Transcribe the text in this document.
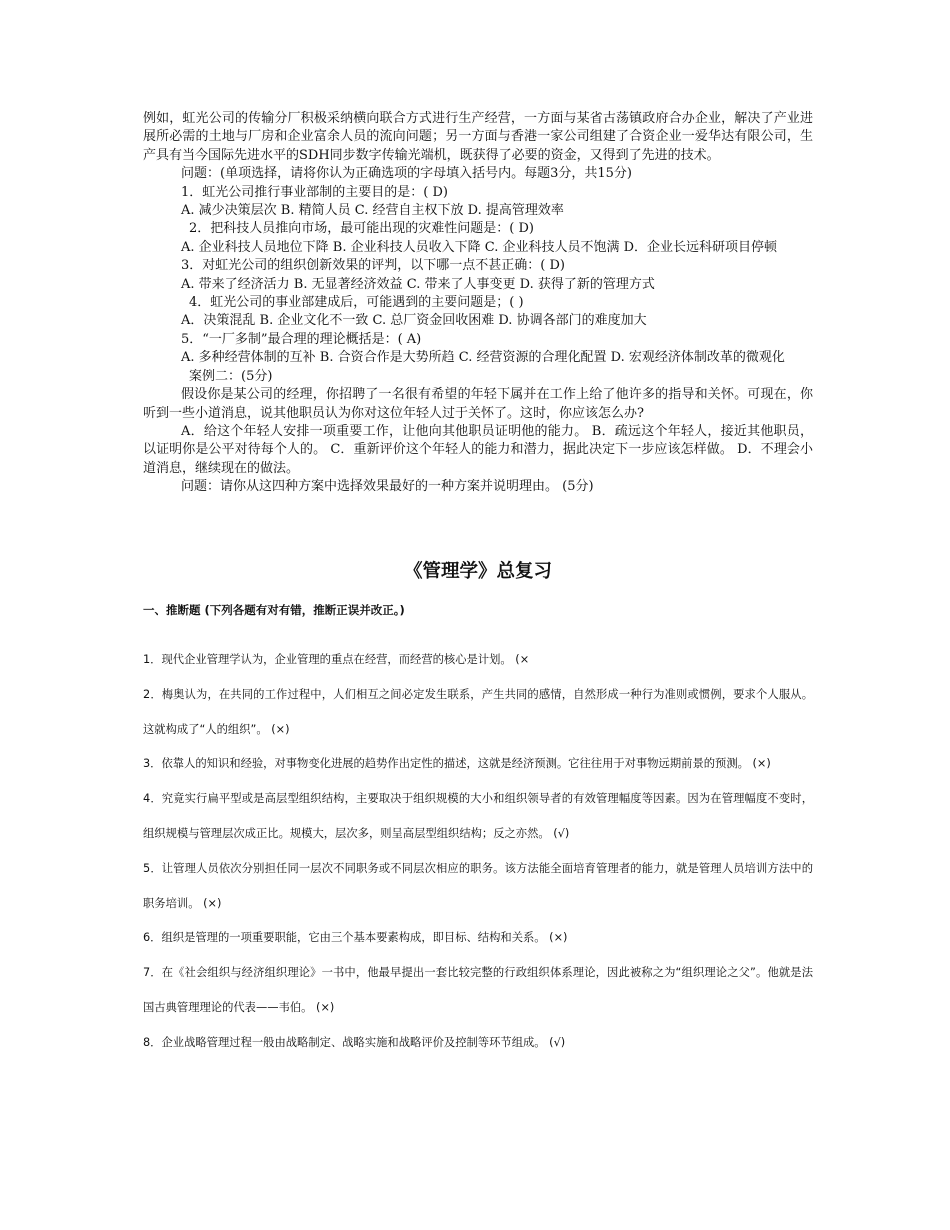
例如，虹光公司的传输分厂积极采纳横向联合方式进行生产经营，一方面与某省古荡镇政府合办企业，解决了产业进展所必需的土地与厂房和企业富余人员的流向问题；另一方面与香港一家公司组建了合资企业一爱华达有限公司，生产具有当今国际先进水平的SDH同步数字传输光端机，既获得了必要的资金，又得到了先进的技术。

问题：(单项选择，请将你认为正确选项的字母填入括号内。每题3分，共15分)

1．虹光公司推行事业部制的主要目的是：( D)

A. 减少决策层次 B. 精简人员 C. 经营自主权下放 D. 提高管理效率

2．把科技人员推向市场，最可能出现的灾难性问题是：( D)

A. 企业科技人员地位下降 B. 企业科技人员收入下降 C. 企业科技人员不饱满 D．企业长远科研项目停顿

3．对虹光公司的组织创新效果的评判，以下哪一点不甚正确：( D)

A. 带来了经济活力 B. 无显著经济效益 C. 带来了人事变更 D. 获得了新的管理方式

4．虹光公司的事业部建成后，可能遇到的主要问题是；( )

A．决策混乱 B. 企业文化不一致 C. 总厂资金回收困难 D. 协调各部门的难度加大

5．“一厂多制”最合理的理论概括是：( A)

A. 多种经营体制的互补 B. 合资合作是大势所趋 C. 经营资源的合理化配置 D. 宏观经济体制改革的微观化

案例二：(5分)

假设你是某公司的经理，你招聘了一名很有希望的年轻下属并在工作上给了他许多的指导和关怀。可现在，你听到一些小道消息，说其他职员认为你对这位年轻人过于关怀了。这时，你应该怎么办?

A．给这个年轻人安排一项重要工作，让他向其他职员证明他的能力。 B．疏远这个年轻人，接近其他职员，以证明你是公平对待每个人的。 C．重新评价这个年轻人的能力和潜力，据此决定下一步应该怎样做。 D．不理会小道消息，继续现在的做法。

问题：请你从这四种方案中选择效果最好的一种方案并说明理由。 (5分)

《管理学》总复习

一、推断题 (下列各题有对有错，推断正误并改正。)

1．现代企业管理学认为，企业管理的重点在经营，而经营的核心是计划。 (×

2．梅奥认为，在共同的工作过程中，人们相互之间必定发生联系，产生共同的感情，自然形成一种行为准则或惯例，要求个人服从。这就构成了“人的组织”。 (×)

3．依靠人的知识和经验，对事物变化进展的趋势作出定性的描述，这就是经济预测。它往往用于对事物远期前景的预测。 (×)

4．究竟实行扁平型或是高层型组织结构，主要取决于组织规模的大小和组织领导者的有效管理幅度等因素。因为在管理幅度不变时，组织规模与管理层次成正比。规模大，层次多，则呈高层型组织结构；反之亦然。 (√)

5．让管理人员依次分别担任同一层次不同职务或不同层次相应的职务。该方法能全面培育管理者的能力，就是管理人员培训方法中的职务培训。 (×)

6．组织是管理的一项重要职能，它由三个基本要素构成，即目标、结构和关系。 (×)

7．在《社会组织与经济组织理论》一书中，他最早提出一套比较完整的行政组织体系理论，因此被称之为“组织理论之父”。他就是法国古典管理理论的代表——韦伯。 (×)

8．企业战略管理过程一般由战略制定、战略实施和战略评价及控制等环节组成。 (√)
